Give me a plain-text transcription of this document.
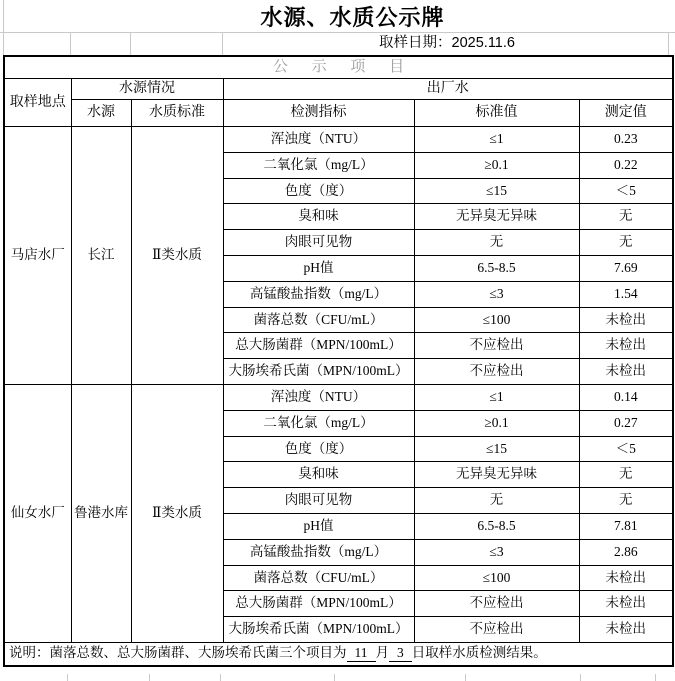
水源、水质公示牌
取样日期：2025.11.6
公 示 项 目					
取样地点	水源情况		出厂水		
	水源	水质标准	检测指标	标准值	测定值
马店水厂	长江	Ⅱ类水质	浑浊度（NTU）	≤1	0.23
			二氧化氯（mg/L）	≥0.1	0.22
			色度（度）	≤15	＜5
			臭和味	无异臭无异味	无
			肉眼可见物	无	无
			pH值	6.5-8.5	7.69
			高锰酸盐指数（mg/L）	≤3	1.54
			菌落总数（CFU/mL）	≤100	未检出
			总大肠菌群（MPN/100mL）	不应检出	未检出
			大肠埃希氏菌（MPN/100mL）	不应检出	未检出
仙女水厂	鲁港水库	Ⅱ类水质	浑浊度（NTU）	≤1	0.14
			二氧化氯（mg/L）	≥0.1	0.27
			色度（度）	≤15	＜5
			臭和味	无异臭无异味	无
			肉眼可见物	无	无
			pH值	6.5-8.5	7.81
			高锰酸盐指数（mg/L）	≤3	2.86
			菌落总数（CFU/mL）	≤100	未检出
			总大肠菌群（MPN/100mL）	不应检出	未检出
			大肠埃希氏菌（MPN/100mL）	不应检出	未检出
说明：菌落总数、总大肠菌群、大肠埃希氏菌三个项目为 11 月 3 日取样水质检测结果。					
